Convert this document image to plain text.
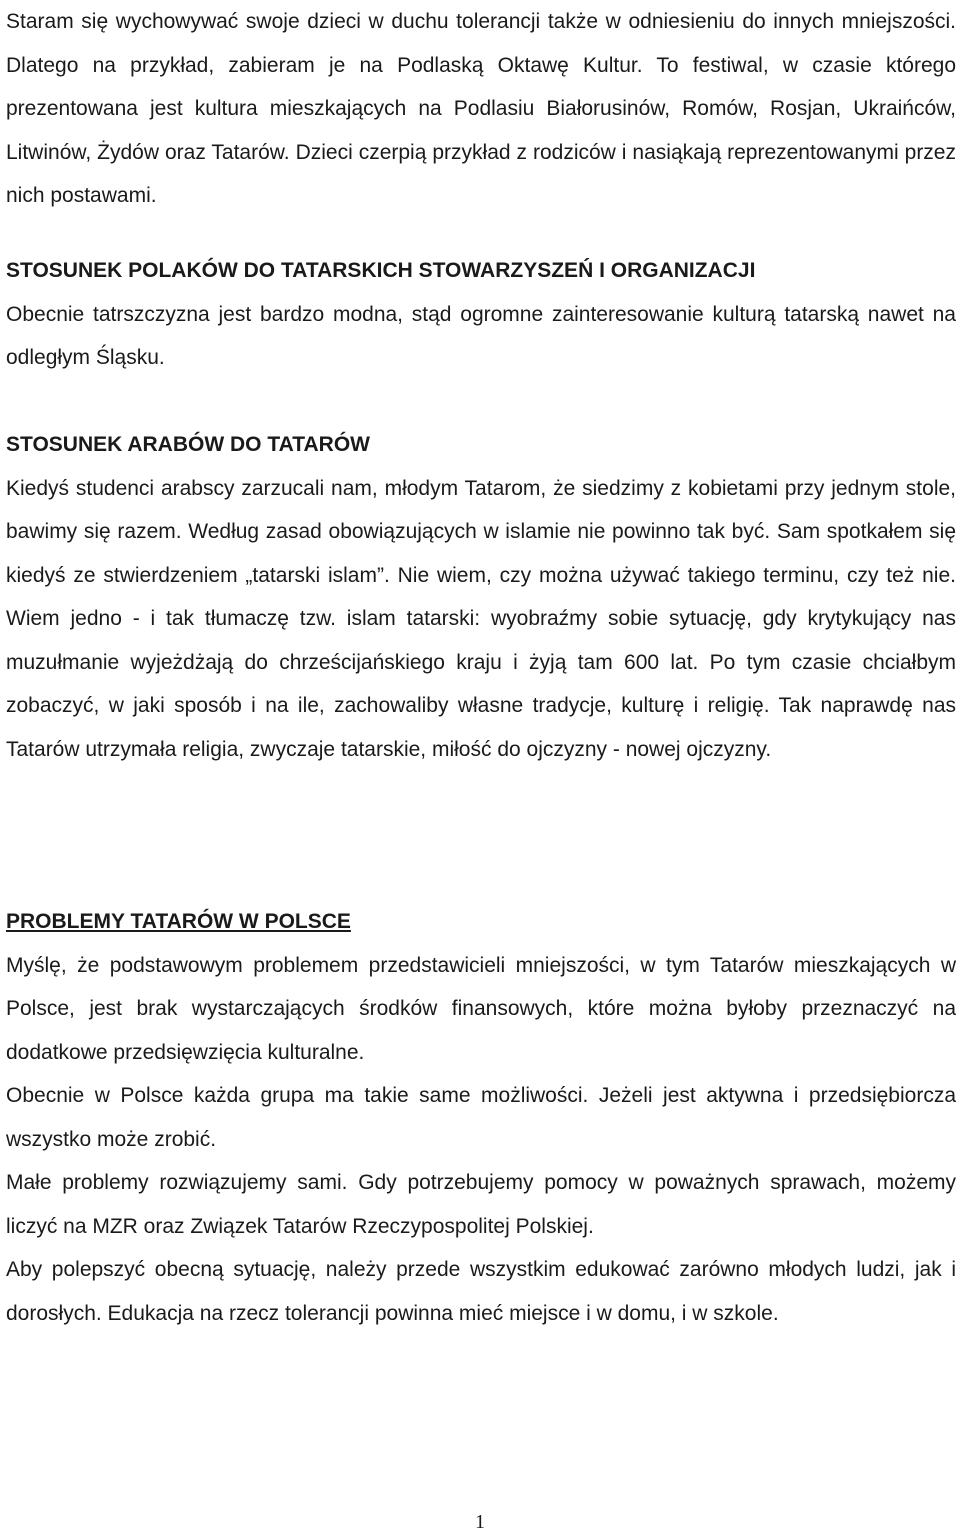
Staram się wychowywać swoje dzieci w duchu tolerancji także w odniesieniu do innych mniejszości. Dlatego na przykład, zabieram je na Podlaską Oktawę Kultur. To festiwal, w czasie którego prezentowana jest kultura mieszkających na Podlasiu Białorusinów, Romów, Rosjan, Ukraińców, Litwinów, Żydów oraz Tatarów. Dzieci czerpią przykład z rodziców i nasiąkają reprezentowanymi przez nich postawami.

STOSUNEK POLAKÓW DO TATARSKICH STOWARZYSZEŃ I ORGANIZACJI

Obecnie tatrszczyzna jest bardzo modna, stąd ogromne zainteresowanie kulturą tatarską nawet na odległym Śląsku.

STOSUNEK ARABÓW DO TATARÓW

Kiedyś studenci arabscy zarzucali nam, młodym Tatarom, że siedzimy z kobietami przy jednym stole, bawimy się razem. Według zasad obowiązujących w islamie nie powinno tak być. Sam spotkałem się kiedyś ze stwierdzeniem „tatarski islam”. Nie wiem, czy można używać takiego terminu, czy też nie. Wiem jedno - i tak tłumaczę tzw. islam tatarski: wyobraźmy sobie sytuację, gdy krytykujący nas muzułmanie wyjeżdżają do chrześcijańskiego kraju i żyją tam 600 lat. Po tym czasie chciałbym zobaczyć, w jaki sposób i na ile, zachowaliby własne tradycje, kulturę i religię. Tak naprawdę nas Tatarów utrzymała religia, zwyczaje tatarskie, miłość do ojczyzny - nowej ojczyzny.

PROBLEMY TATARÓW W POLSCE

Myślę, że podstawowym problemem przedstawicieli mniejszości, w tym Tatarów mieszkających w Polsce, jest brak wystarczających środków finansowych, które można byłoby przeznaczyć na dodatkowe przedsięwzięcia kulturalne.

Obecnie w Polsce każda grupa ma takie same możliwości. Jeżeli jest aktywna i przedsiębiorcza wszystko może zrobić.

Małe problemy rozwiązujemy sami. Gdy potrzebujemy pomocy w poważnych sprawach, możemy liczyć na MZR oraz Związek Tatarów Rzeczypospolitej Polskiej.

Aby polepszyć obecną sytuację, należy przede wszystkim edukować zarówno młodych ludzi, jak i dorosłych. Edukacja na rzecz tolerancji powinna mieć miejsce i w domu, i w szkole.

1
